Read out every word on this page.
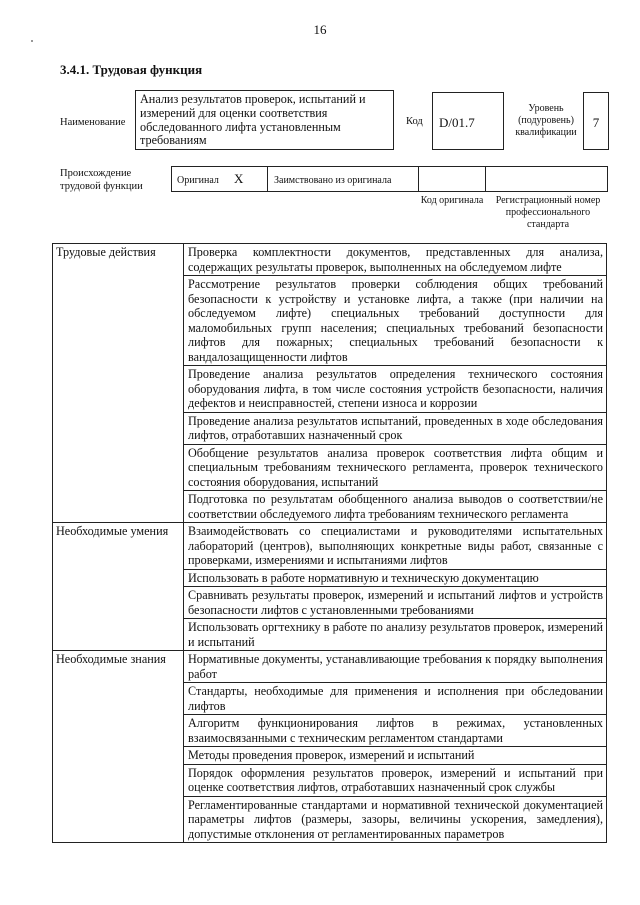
16
3.4.1. Трудовая функция
Наименование
Анализ результатов проверок, испытаний и измерений для оценки соответствия обследованного лифта установленным требованиям
Код D/01.7
Уровень (подуровень) квалификации
7
Происхождение трудовой функции	Оригинал X	Заимствовано из оригинала
Код оригинала	Регистрационный номер профессионального стандарта
Трудовые действия	Проверка комплектности документов, представленных для анализа, содержащих результаты проверок, выполненных на обследуемом лифте
	Рассмотрение результатов проверки соблюдения общих требований безопасности к устройству и установке лифта, а также (при наличии на обследуемом лифте) специальных требований доступности для маломобильных групп населения; специальных требований безопасности лифтов для пожарных; специальных требований безопасности к вандалозащищенности лифтов
	Проведение анализа результатов определения технического состояния оборудования лифта, в том числе состояния устройств безопасности, наличия дефектов и неисправностей, степени износа и коррозии
	Проведение анализа результатов испытаний, проведенных в ходе обследования лифтов, отработавших назначенный срок
	Обобщение результатов анализа проверок соответствия лифта общим и специальным требованиям технического регламента, проверок технического состояния оборудования, испытаний
	Подготовка по результатам обобщенного анализа выводов о соответствии/не соответствии обследуемого лифта требованиям технического регламента
Необходимые умения	Взаимодействовать со специалистами и руководителями испытательных лабораторий (центров), выполняющих конкретные виды работ, связанные с проверками, измерениями и испытаниями лифтов
	Использовать в работе нормативную и техническую документацию
	Сравнивать результаты проверок, измерений и испытаний лифтов и устройств безопасности лифтов с установленными требованиями
	Использовать оргтехнику в работе по анализу результатов проверок, измерений и испытаний
Необходимые знания	Нормативные документы, устанавливающие требования к порядку выполнения работ
	Стандарты, необходимые для применения и исполнения при обследовании лифтов
	Алгоритм функционирования лифтов в режимах, установленных взаимосвязанными с техническим регламентом стандартами
	Методы проведения проверок, измерений и испытаний
	Порядок оформления результатов проверок, измерений и испытаний при оценке соответствия лифтов, отработавших назначенный срок службы
	Регламентированные стандартами и нормативной технической документацией параметры лифтов (размеры, зазоры, величины ускорения, замедления), допустимые отклонения от регламентированных параметров
